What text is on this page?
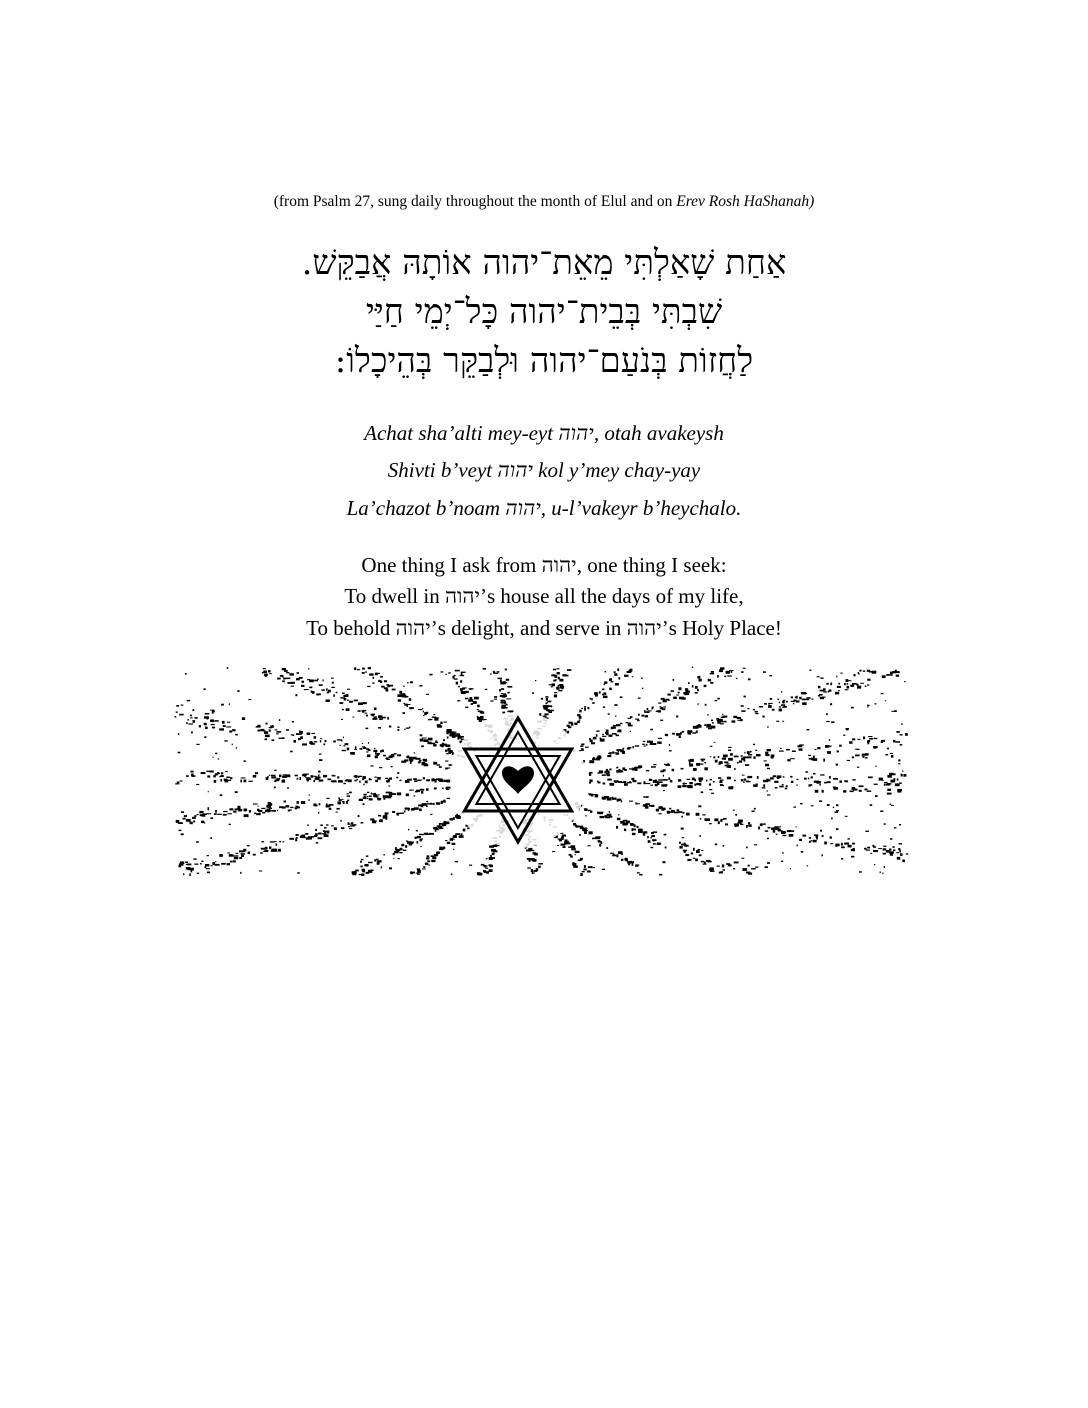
(from Psalm 27, sung daily throughout the month of Elul and on Erev Rosh HaShanah)
אַחַת שָׁאַלְתִּי מֵאֵת־יהוה אוֹתָהּ אֲבַקֵּשׁ.
שִׁבְתִּי בְּבֵית־יהוה כָּל־יְמֵי חַיַּי
לַחֲזוֹת בְּנֹעַם־יהוה וּלְבַקֵּר בְּהֵיכָלוֹ:
Achat sha’alti mey-eyt יהוה, otah avakeysh
Shivti b’veyt יהוה kol y’mey chay-yay
La’chazot b’noam יהוה, u-l’vakeyr b’heychalo.
One thing I ask from יהוה, one thing I seek:
To dwell in יהוה’s house all the days of my life,
To behold יהוה’s delight, and serve in יהוה’s Holy Place!
